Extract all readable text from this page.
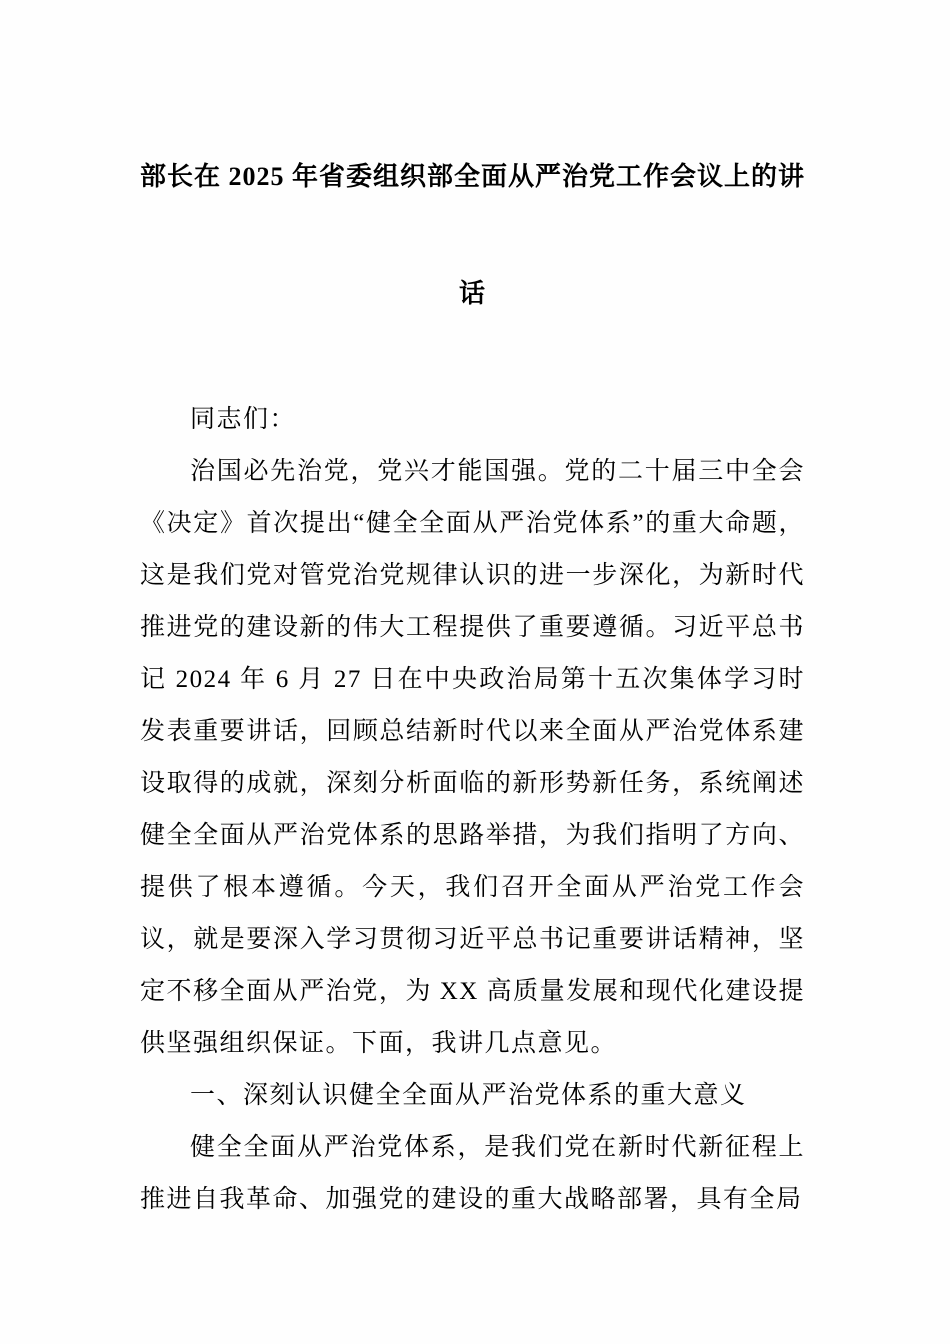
部长在 2025 年省委组织部全面从严治党工作会议上的讲
话

同志们：

治国必先治党，党兴才能国强。党的二十届三中全会《决定》首次提出“健全全面从严治党体系”的重大命题，这是我们党对管党治党规律认识的进一步深化，为新时代推进党的建设新的伟大工程提供了重要遵循。习近平总书记 2024 年 6 月 27 日在中央政治局第十五次集体学习时发表重要讲话，回顾总结新时代以来全面从严治党体系建设取得的成就，深刻分析面临的新形势新任务，系统阐述健全全面从严治党体系的思路举措，为我们指明了方向、提供了根本遵循。今天，我们召开全面从严治党工作会议，就是要深入学习贯彻习近平总书记重要讲话精神，坚定不移全面从严治党，为 XX 高质量发展和现代化建设提供坚强组织保证。下面，我讲几点意见。

一、深刻认识健全全面从严治党体系的重大意义

健全全面从严治党体系，是我们党在新时代新征程上推进自我革命、加强党的建设的重大战略部署，具有全局
